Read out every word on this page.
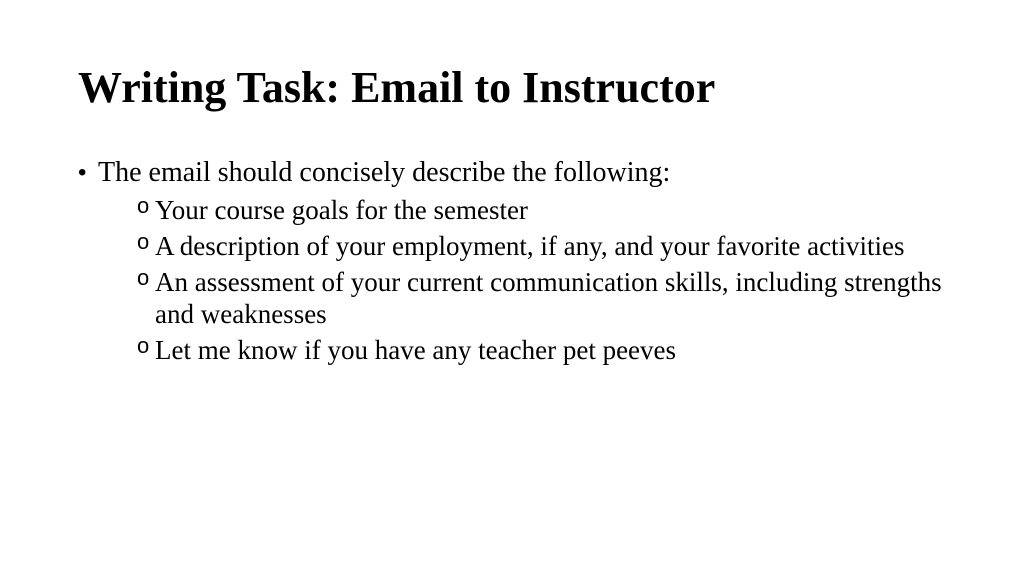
Writing Task: Email to Instructor
• The email should concisely describe the following:
o Your course goals for the semester
o A description of your employment, if any, and your favorite activities
o An assessment of your current communication skills, including strengths and weaknesses
o Let me know if you have any teacher pet peeves
